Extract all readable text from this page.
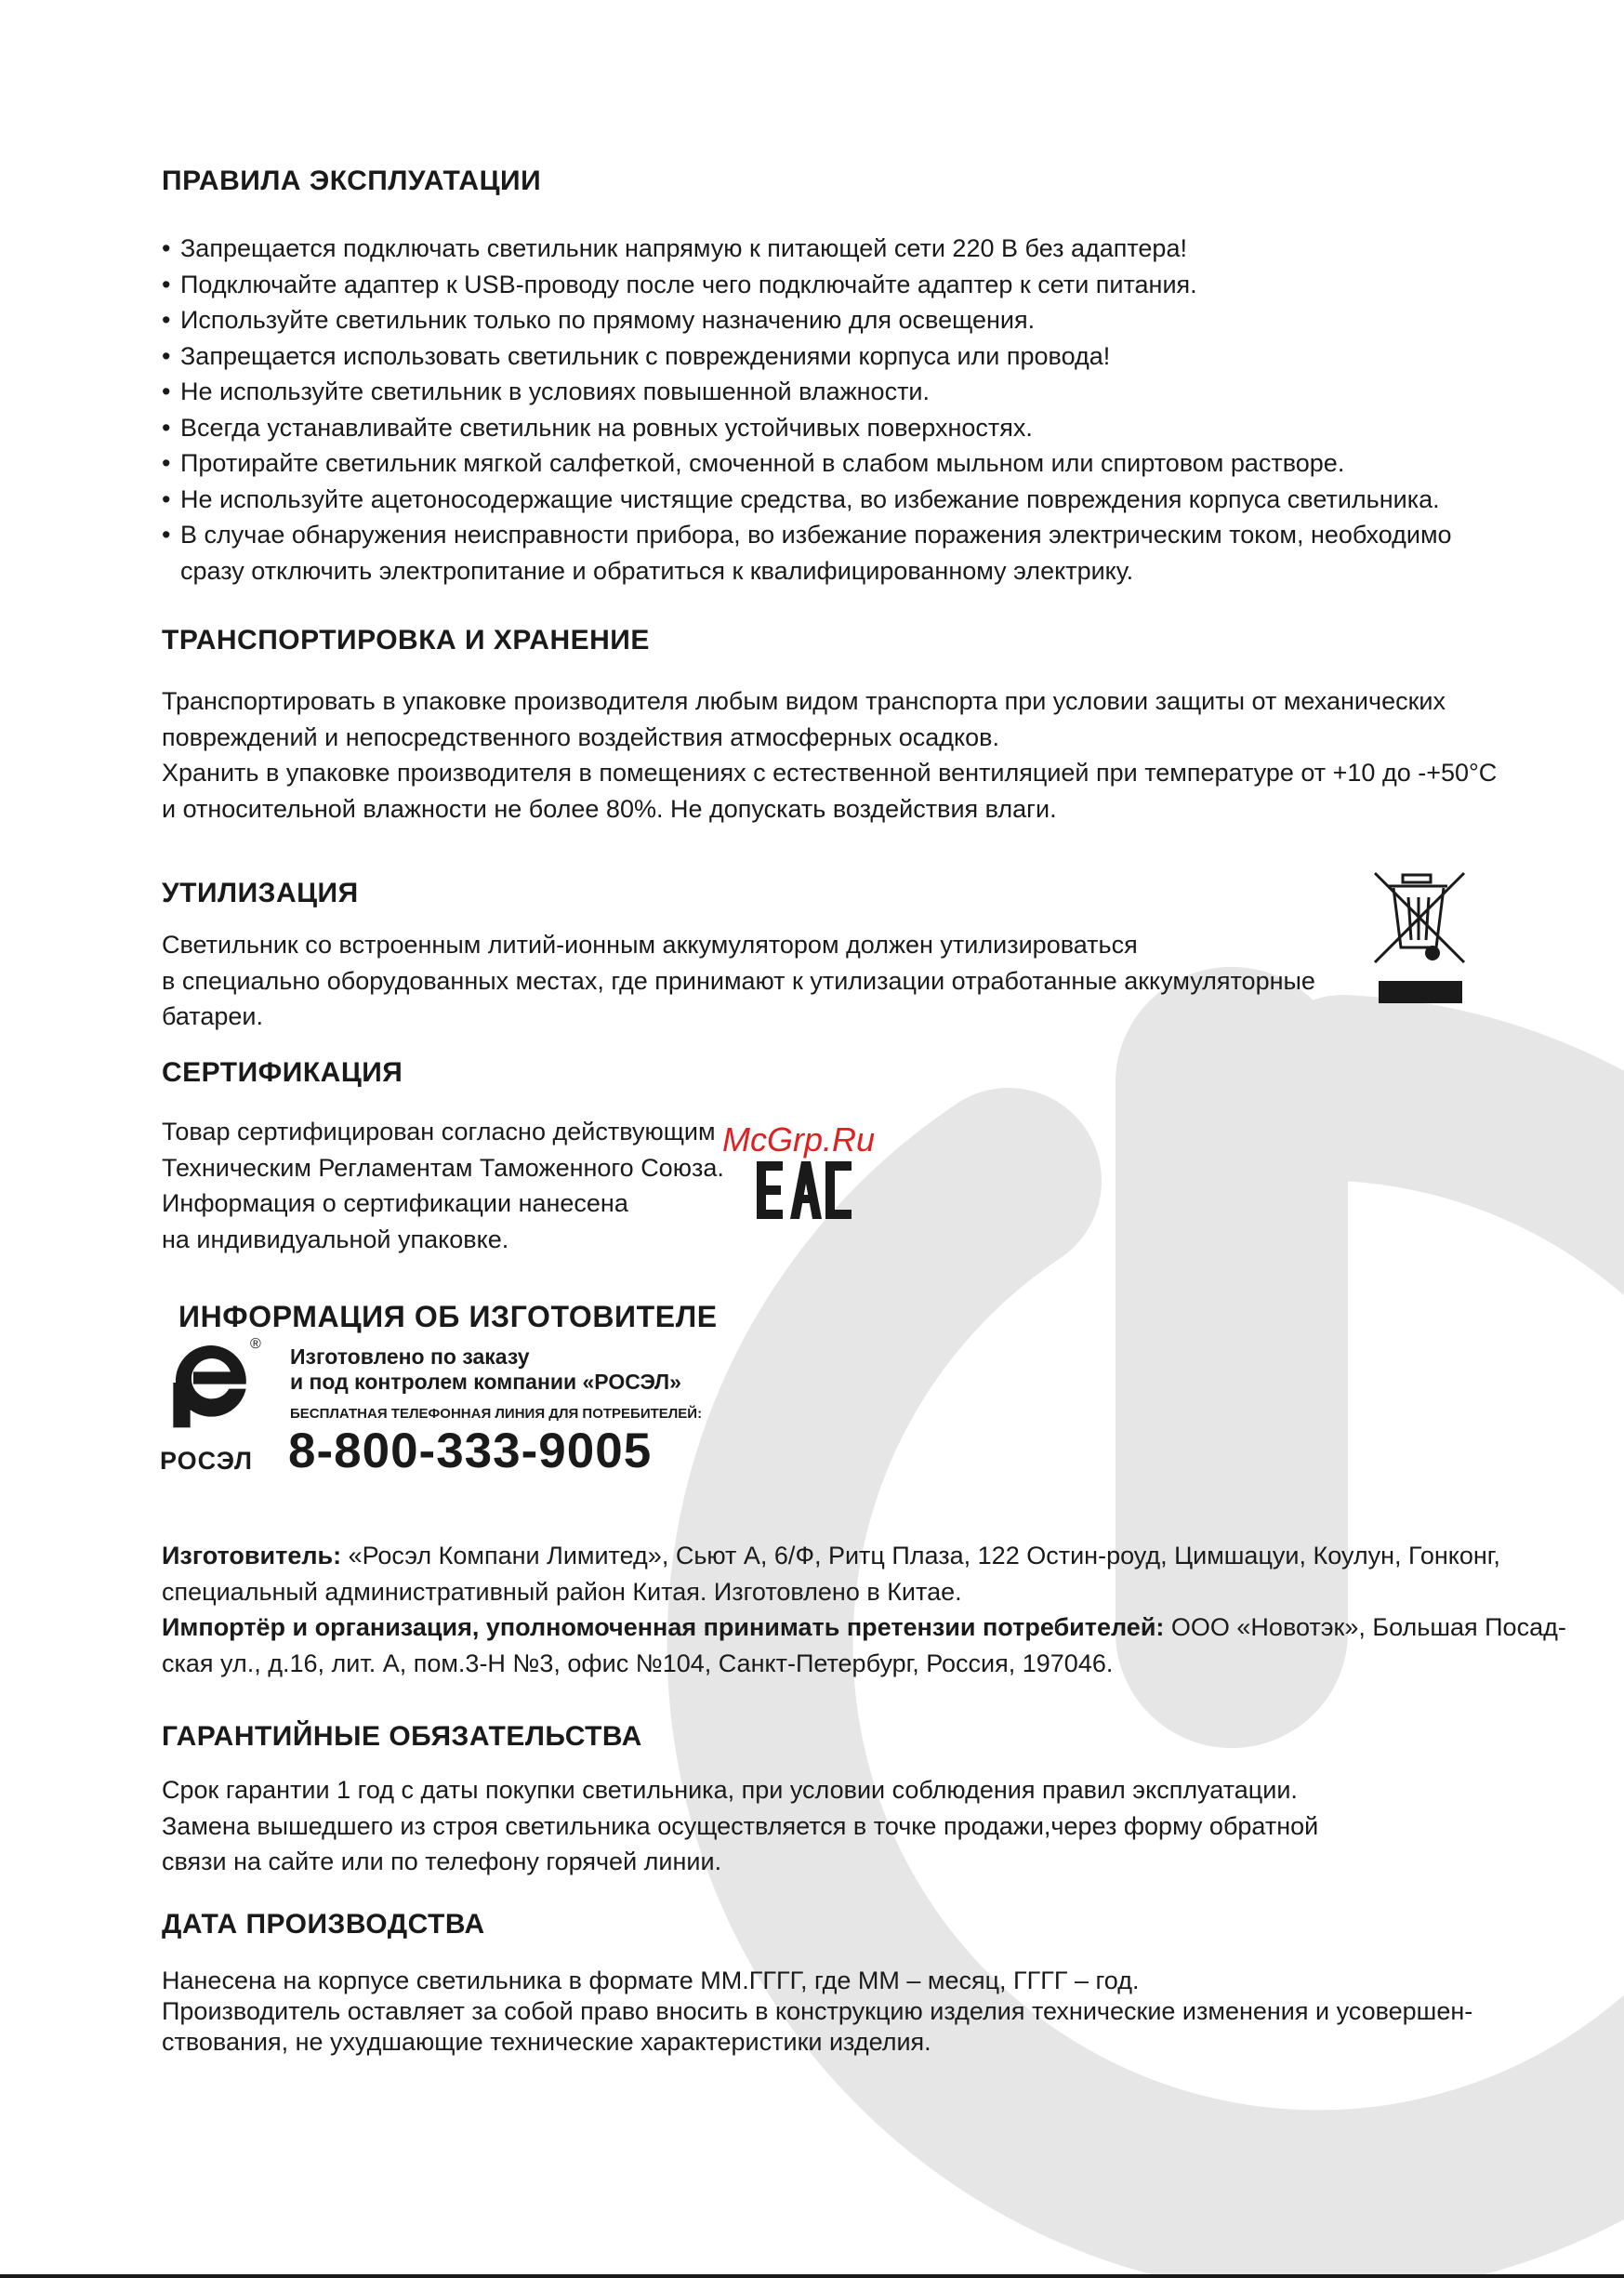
ПРАВИЛА ЭКСПЛУАТАЦИИ
• Запрещается подключать светильник напрямую к питающей сети 220 В без адаптера!
• Подключайте адаптер к USB-проводу после чего подключайте адаптер к сети питания.
• Используйте светильник только по прямому назначению для освещения.
• Запрещается использовать светильник с повреждениями корпуса или провода!
• Не используйте светильник в условиях повышенной влажности.
• Всегда устанавливайте светильник на ровных устойчивых поверхностях.
• Протирайте светильник мягкой салфеткой, смоченной в слабом мыльном или спиртовом растворе.
• Не используйте ацетоносодержащие чистящие средства, во избежание повреждения корпуса светильника.
• В случае обнаружения неисправности прибора, во избежание поражения электрическим током, необходимо
сразу отключить электропитание и обратиться к квалифицированному электрику.
ТРАНСПОРТИРОВКА И ХРАНЕНИЕ
Транспортировать в упаковке производителя любым видом транспорта при условии защиты от механических
повреждений и непосредственного воздействия атмосферных осадков.
Хранить в упаковке производителя в помещениях с естественной вентиляцией при температуре от +10 до -+50°С
и относительной влажности не более 80%. Не допускать воздействия влаги.
УТИЛИЗАЦИЯ
Светильник со встроенным литий-ионным аккумулятором должен утилизироваться
в специально оборудованных местах, где принимают к утилизации отработанные аккумуляторные
батареи.
СЕРТИФИКАЦИЯ
Товар сертифицирован согласно действующим
Техническим Регламентам Таможенного Союза.
Информация о сертификации нанесена
на индивидуальной упаковке.
Изготовитель: «Росэл Компани Лимитед», Сьют А, 6/Ф, Ритц Плаза, 122 Остин-роуд, Цимшацуи, Коулун, Гонконг,
специальный административный район Китая. Изготовлено в Китае.
Импортёр и организация, уполномоченная принимать претензии потребителей: ООО «Новотэк», Большая Посад-
ская ул., д.16, лит. А, пом.3-Н №3, офис №104, Санкт-Петербург, Россия, 197046.
ГАРАНТИЙНЫЕ ОБЯЗАТЕЛЬСТВА
Срок гарантии 1 год с даты покупки светильника, при условии соблюдения правил эксплуатации.
Замена вышедшего из строя светильника осуществляется в точке продажи,через форму обратной
связи на сайте или по телефону горячей линии.
ДАТА ПРОИЗВОДСТВА
Нанесена на корпусе светильника в формате ММ.ГГГГ, где ММ – месяц, ГГГГ – год.
Производитель оставляет за собой право вносить в конструкцию изделия технические изменения и усовершен-
ствования, не ухудшающие технические характеристики изделия.
McGrp.Ru
ИНФОРМАЦИЯ ОБ ИЗГОТОВИТЕЛЕ
РОСЭЛ
®
Изготовлено по заказу
и под контролем компании «РОСЭЛ»
БЕСПЛАТНАЯ ТЕЛЕФОННАЯ ЛИНИЯ ДЛЯ ПОТРЕБИТЕЛЕЙ:
8-800-333-9005
